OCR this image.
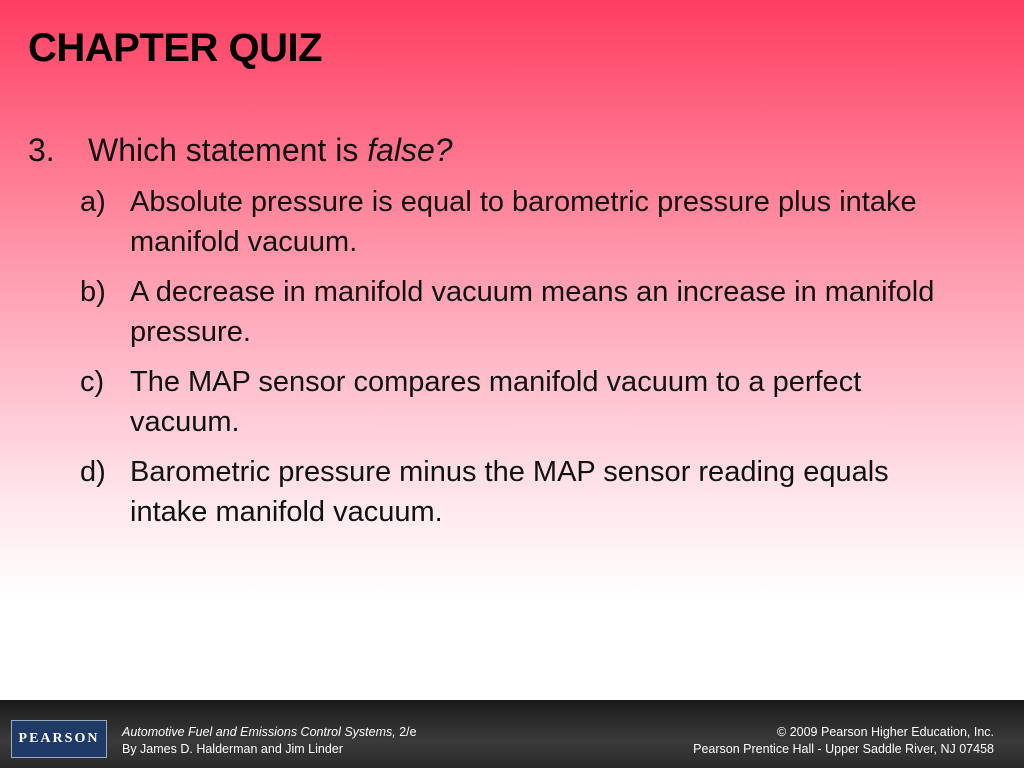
CHAPTER QUIZ
3.	Which statement is false?
a) Absolute pressure is equal to barometric pressure plus intake manifold vacuum.
b) A decrease in manifold vacuum means an increase in manifold pressure.
c) The MAP sensor compares manifold vacuum to a perfect vacuum.
d) Barometric pressure minus the MAP sensor reading equals intake manifold vacuum.
PEARSON Automotive Fuel and Emissions Control Systems, 2/e
By James D. Halderman and Jim Linder
© 2009 Pearson Higher Education, Inc.
Pearson Prentice Hall - Upper Saddle River, NJ 07458
